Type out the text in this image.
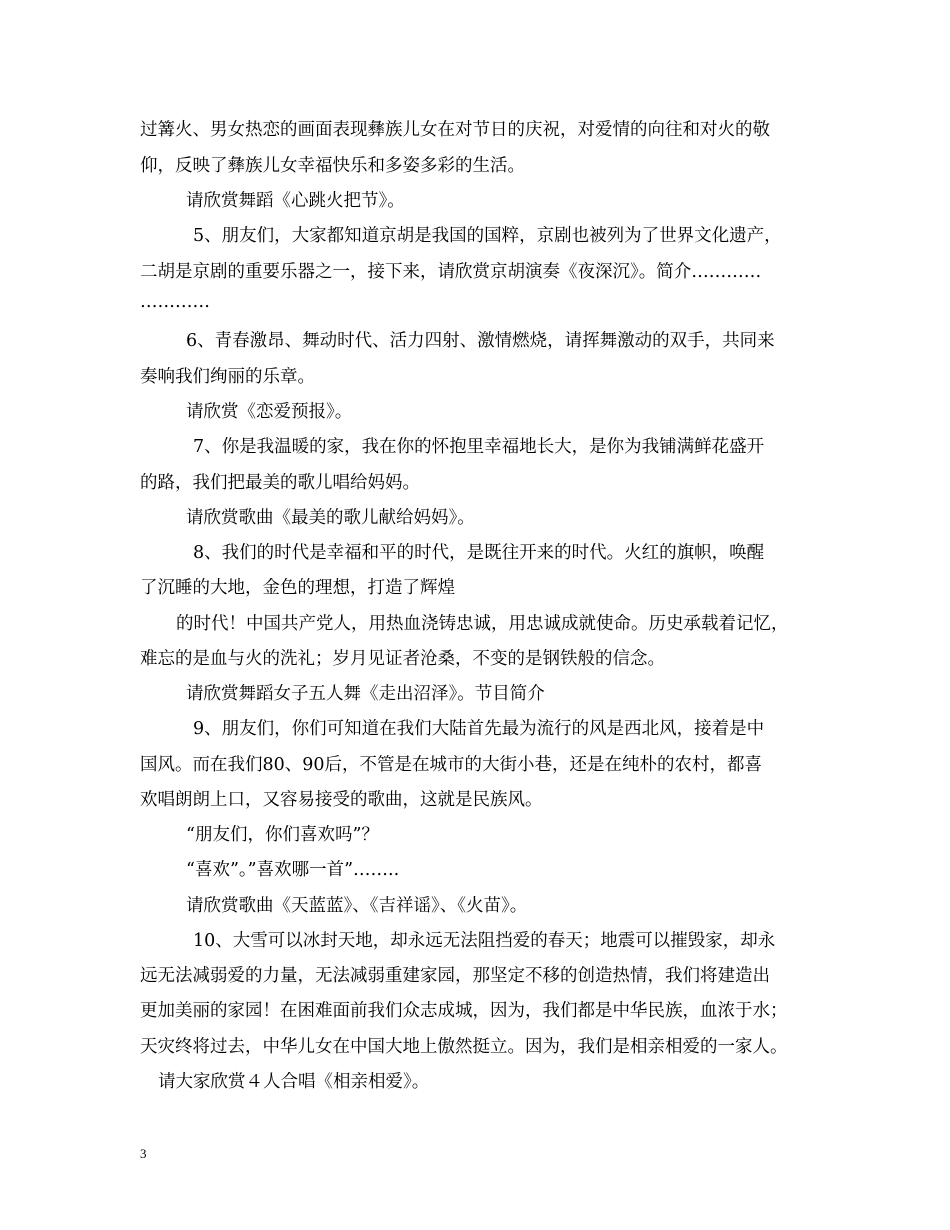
过篝火、男女热恋的画面表现彝族儿女在对节日的庆祝，对爱情的向往和对火的敬
仰，反映了彝族儿女幸福快乐和多姿多彩的生活。
请欣赏舞蹈《心跳火把节》。
5、朋友们，大家都知道京胡是我国的国粹，京剧也被列为了世界文化遗产，
二胡是京剧的重要乐器之一，接下来，请欣赏京胡演奏《夜深沉》。简介…………
…………
6、青春激昂、舞动时代、活力四射、激情燃烧，请挥舞激动的双手，共同来
奏响我们绚丽的乐章。
请欣赏《恋爱预报》。
7、你是我温暖的家，我在你的怀抱里幸福地长大，是你为我铺满鲜花盛开
的路，我们把最美的歌儿唱给妈妈。
请欣赏歌曲《最美的歌儿献给妈妈》。
8、我们的时代是幸福和平的时代，是既往开来的时代。火红的旗帜，唤醒
了沉睡的大地，金色的理想，打造了辉煌
的时代！中国共产党人，用热血浇铸忠诚，用忠诚成就使命。历史承载着记忆，
难忘的是血与火的洗礼；岁月见证者沧桑，不变的是钢铁般的信念。
请欣赏舞蹈女子五人舞《走出沼泽》。节目简介
9、朋友们，你们可知道在我们大陆首先最为流行的风是西北风，接着是中
国风。而在我们80、90后，不管是在城市的大街小巷，还是在纯朴的农村，都喜
欢唱朗朗上口，又容易接受的歌曲，这就是民族风。
“朋友们，你们喜欢吗”？
“喜欢”。”喜欢哪一首”……..
请欣赏歌曲《天蓝蓝》、《吉祥谣》、《火苗》。
10、大雪可以冰封天地，却永远无法阻挡爱的春天；地震可以摧毁家，却永
远无法减弱爱的力量，无法减弱重建家园，那坚定不移的创造热情，我们将建造出
更加美丽的家园！在困难面前我们众志成城，因为，我们都是中华民族，血浓于水；
天灾终将过去，中华儿女在中国大地上傲然挺立。因为，我们是相亲相爱的一家人。
请大家欣赏４人合唱《相亲相爱》。
3
